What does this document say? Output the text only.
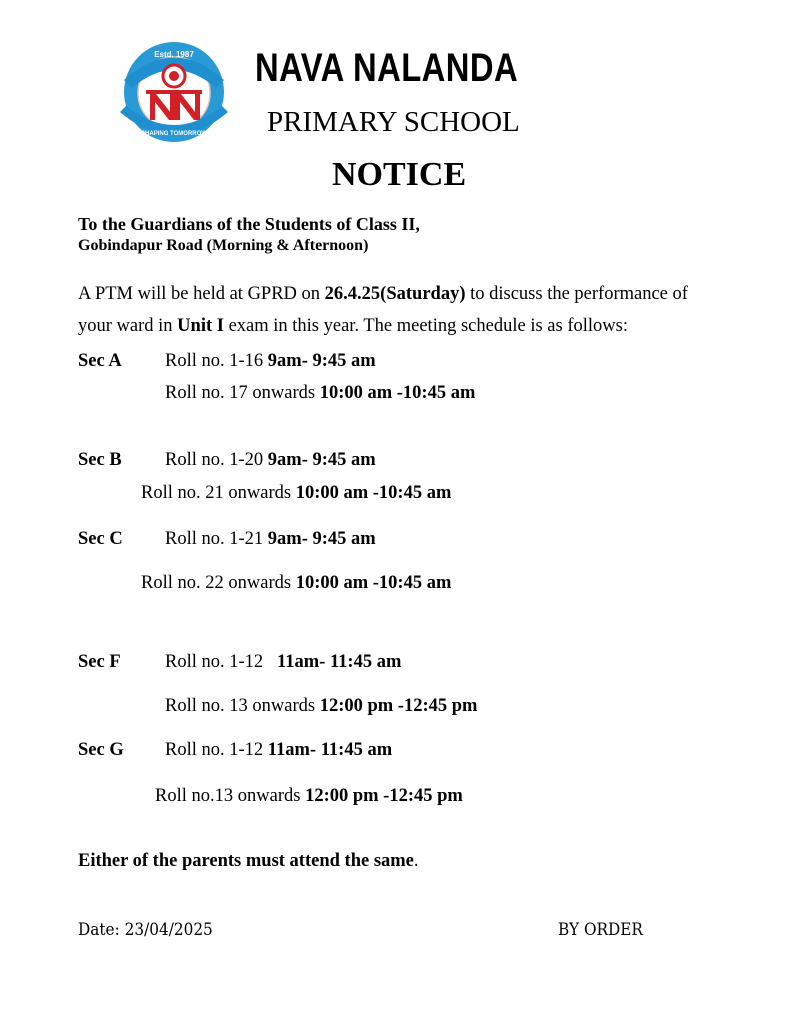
Estd. 1987
SHAPING TOMORROW
NAVA NALANDA
PRIMARY SCHOOL
NOTICE
To the Guardians of the Students of Class II,
Gobindapur Road (Morning & Afternoon)
A PTM will be held at GPRD on 26.4.25(Saturday) to discuss the performance of
your ward in Unit I exam in this year. The meeting schedule is as follows:
Sec A Roll no. 1-16 9am- 9:45 am
Roll no. 17 onwards 10:00 am -10:45 am
Sec B Roll no. 1-20 9am- 9:45 am
Roll no. 21 onwards 10:00 am -10:45 am
Sec C Roll no. 1-21 9am- 9:45 am
Roll no. 22 onwards 10:00 am -10:45 am
Sec F Roll no. 1-12   11am- 11:45 am
Roll no. 13 onwards 12:00 pm -12:45 pm
Sec G Roll no. 1-12 11am- 11:45 am
Roll no.13 onwards 12:00 pm -12:45 pm
Either of the parents must attend the same.
Date: 23/04/2025	BY ORDER
